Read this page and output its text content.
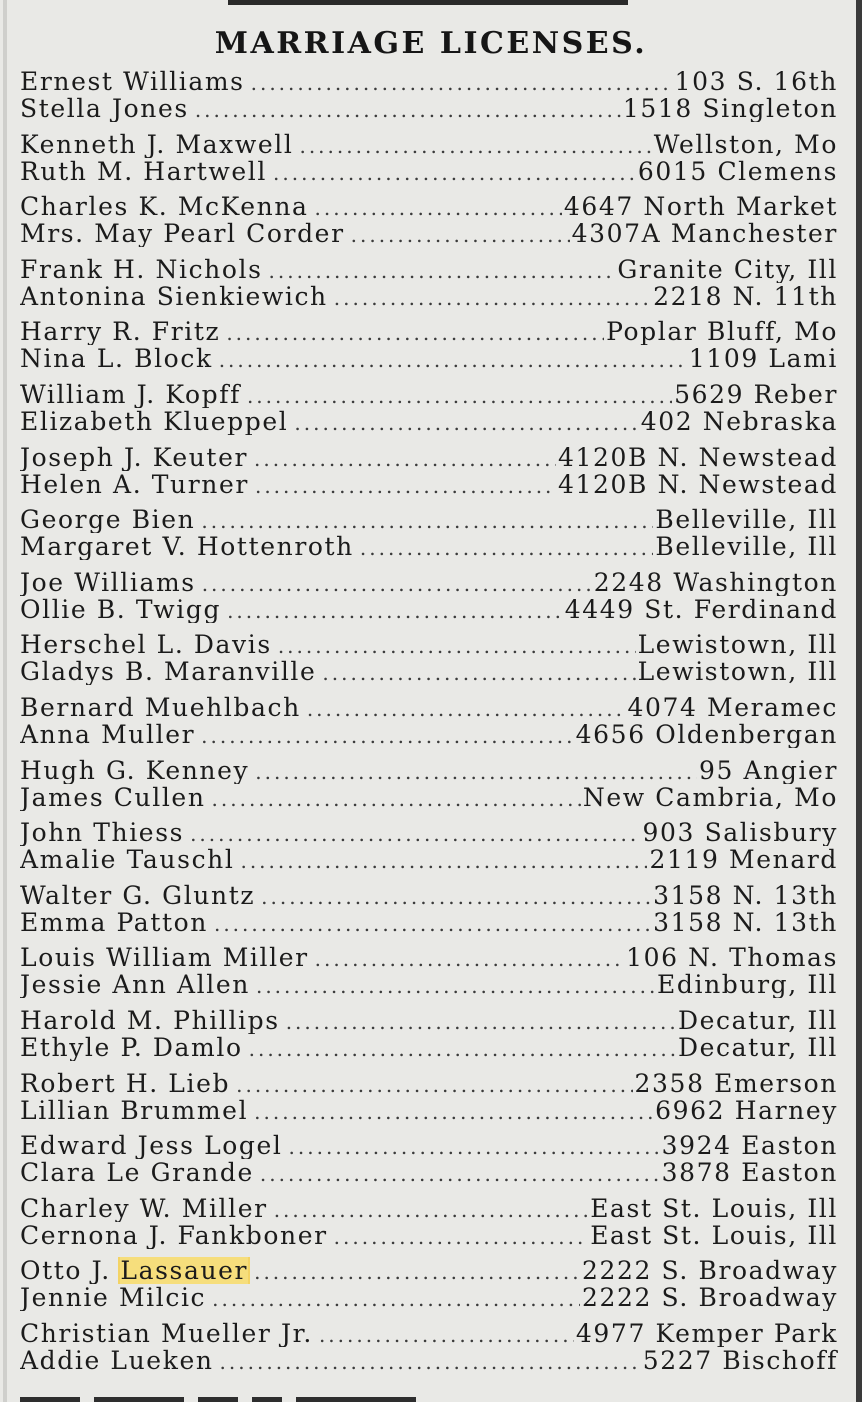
MARRIAGE LICENSES.
Ernest Williams .....	103 S. 16th
Stella Jones .....	1518 Singleton
Kenneth J. Maxwell .....	Wellston, Mo
Ruth M. Hartwell .....	6015 Clemens
Charles K. McKenna .....	4647 North Market
Mrs. May Pearl Corder .....	4307A Manchester
Frank H. Nichols .....	Granite City, Ill
Antonina Sienkiewich .....	2218 N. 11th
Harry R. Fritz .....	Poplar Bluff, Mo
Nina L. Block .....	1109 Lami
William J. Kopff .....	5629 Reber
Elizabeth Klueppel .....	402 Nebraska
Joseph J. Keuter .....	4120B N. Newstead
Helen A. Turner .....	4120B N. Newstead
George Bien .....	Belleville, Ill
Margaret V. Hottenroth .....	Belleville, Ill
Joe Williams .....	2248 Washington
Ollie B. Twigg .....	4449 St. Ferdinand
Herschel L. Davis .....	Lewistown, Ill
Gladys B. Maranville .....	Lewistown, Ill
Bernard Muehlbach .....	4074 Meramec
Anna Muller .....	4656 Oldenbergan
Hugh G. Kenney .....	95 Angier
James Cullen .....	New Cambria, Mo
John Thiess .....	903 Salisbury
Amalie Tauschl .....	2119 Menard
Walter G. Gluntz .....	3158 N. 13th
Emma Patton .....	3158 N. 13th
Louis William Miller .....	106 N. Thomas
Jessie Ann Allen .....	Edinburg, Ill
Harold M. Phillips .....	Decatur, Ill
Ethyle P. Damlo .....	Decatur, Ill
Robert H. Lieb .....	2358 Emerson
Lillian Brummel .....	6962 Harney
Edward Jess Logel .....	3924 Easton
Clara Le Grande .....	3878 Easton
Charley W. Miller .....	East St. Louis, Ill
Cernona J. Fankboner .....	East St. Louis, Ill
Otto J. Lassauer .....	2222 S. Broadway
Jennie Milcic .....	2222 S. Broadway
Christian Mueller Jr. .....	4977 Kemper Park
Addie Lueken .....	5227 Bischoff
